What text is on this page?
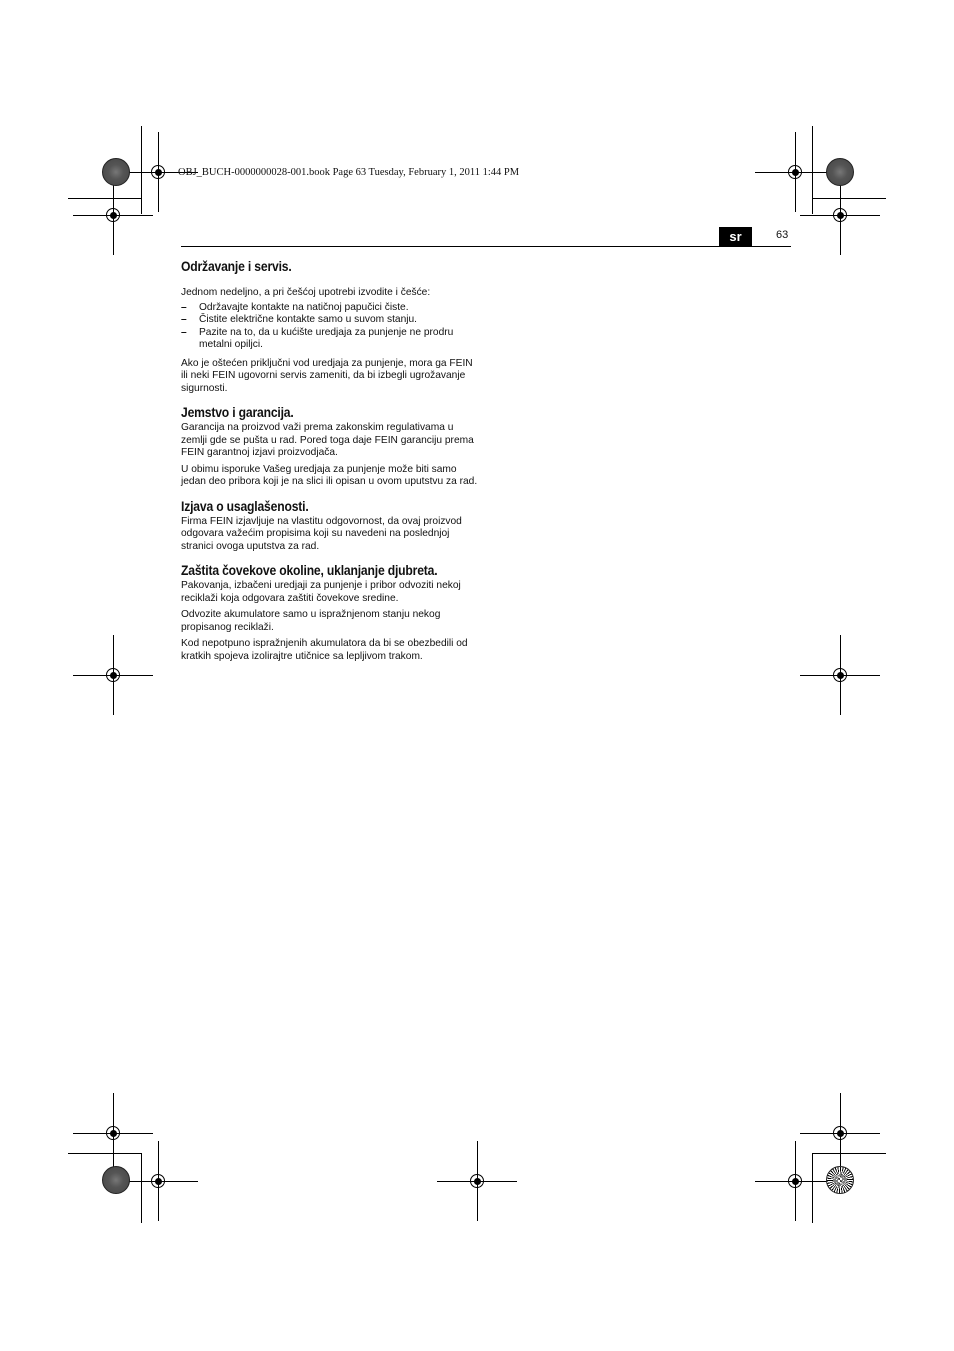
OBJ_BUCH-0000000028-001.book Page 63 Tuesday, February 1, 2011 1:44 PM
sr	63
Održavanje i servis.

Jednom nedeljno, a pri češćoj upotrebi izvodite i češće:

– Održavajte kontakte na natičnoj papučici čiste.
– Čistite električne kontakte samo u suvom stanju.
– Pazite na to, da u kućište uredjaja za punjenje ne prodru metalni opiljci.

Ako je oštećen priključni vod uredjaja za punjenje, mora ga FEIN ili neki FEIN ugovorni servis zameniti, da bi izbegli ugrožavanje sigurnosti.

Jemstvo i garancija.

Garancija na proizvod važi prema zakonskim regulativama u zemlji gde se pušta u rad. Pored toga daje FEIN garanciju prema FEIN garantnoj izjavi proizvodjača.

U obimu isporuke Vašeg uredjaja za punjenje može biti samo jedan deo pribora koji je na slici ili opisan u ovom uputstvu za rad.

Izjava o usaglašenosti.

Firma FEIN izjavljuje na vlastitu odgovornost, da ovaj proizvod odgovara važećim propisima koji su navedeni na poslednjoj stranici ovoga uputstva za rad.

Zaštita čovekove okoline, uklanjanje djubreta.

Pakovanja, izbačeni uredjaji za punjenje i pribor odvoziti nekoj reciklaži koja odgovara zaštiti čovekove sredine.

Odvozite akumulatore samo u ispražnjenom stanju nekog propisanog reciklaži.

Kod nepotpuno ispražnjenih akumulatora da bi se obezbedili od kratkih spojeva izolirajtre utičnice sa lepljivom trakom.
